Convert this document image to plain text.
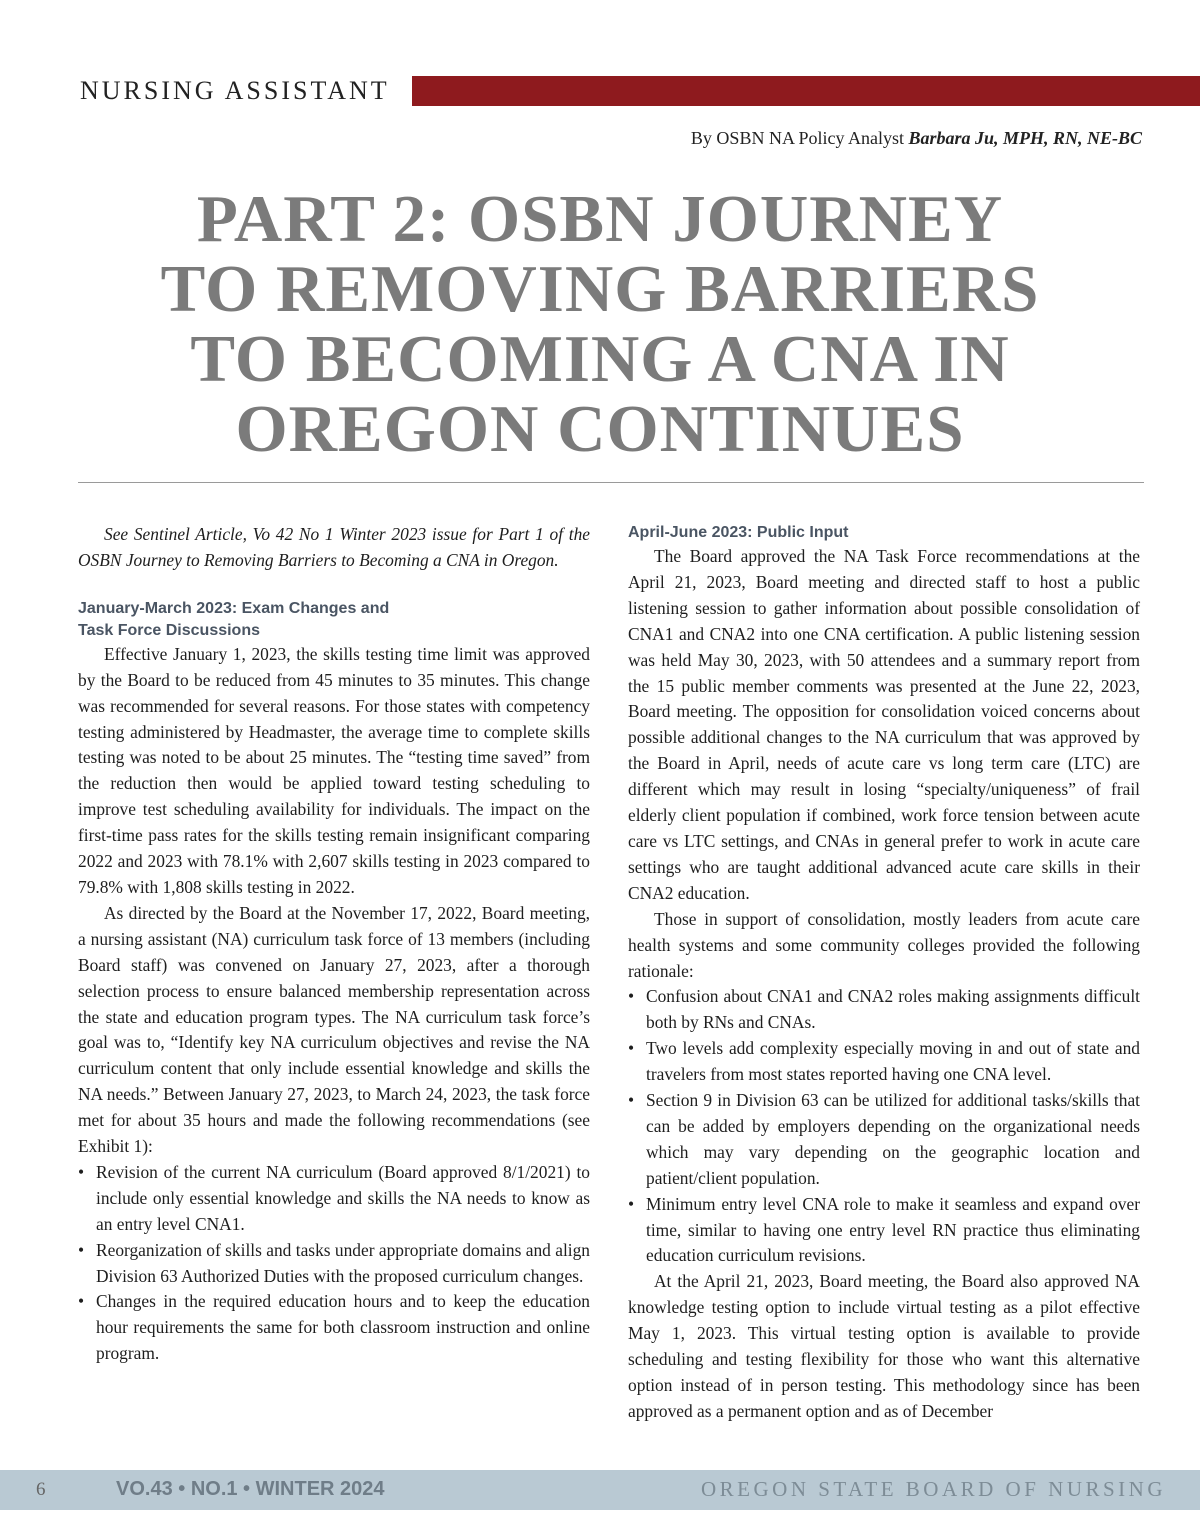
NURSING ASSISTANT
By OSBN NA Policy Analyst Barbara Ju, MPH, RN, NE-BC
PART 2: OSBN JOURNEY
TO REMOVING BARRIERS
TO BECOMING A CNA IN
OREGON CONTINUES

See Sentinel Article, Vo 42 No 1 Winter 2023 issue for Part 1 of the OSBN Journey to Removing Barriers to Becoming a CNA in Oregon.

January-March 2023: Exam Changes and
Task Force Discussions

Effective January 1, 2023, the skills testing time limit was approved by the Board to be reduced from 45 minutes to 35 minutes. This change was recommended for several reasons. For those states with competency testing administered by Headmaster, the average time to complete skills testing was noted to be about 25 minutes. The “testing time saved” from the reduction then would be applied toward testing scheduling to improve test scheduling availability for individuals. The impact on the first-time pass rates for the skills testing remain insignificant comparing 2022 and 2023 with 78.1% with 2,607 skills testing in 2023 compared to 79.8% with 1,808 skills testing in 2022.

As directed by the Board at the November 17, 2022, Board meeting, a nursing assistant (NA) curriculum task force of 13 members (including Board staff) was convened on January 27, 2023, after a thorough selection process to ensure balanced membership representation across the state and education program types. The NA curriculum task force’s goal was to, “Identify key NA curriculum objectives and revise the NA curriculum content that only include essential knowledge and skills the NA needs.” Between January 27, 2023, to March 24, 2023, the task force met for about 35 hours and made the following recommendations (see Exhibit 1):

• Revision of the current NA curriculum (Board approved 8/1/2021) to include only essential knowledge and skills the NA needs to know as an entry level CNA1.
• Reorganization of skills and tasks under appropriate domains and align Division 63 Authorized Duties with the proposed curriculum changes.
• Changes in the required education hours and to keep the education hour requirements the same for both classroom instruction and online program.
April-June 2023: Public Input

The Board approved the NA Task Force recommendations at the April 21, 2023, Board meeting and directed staff to host a public listening session to gather information about possible consolidation of CNA1 and CNA2 into one CNA certification. A public listening session was held May 30, 2023, with 50 attendees and a summary report from the 15 public member comments was presented at the June 22, 2023, Board meeting. The opposition for consolidation voiced concerns about possible additional changes to the NA curriculum that was approved by the Board in April, needs of acute care vs long term care (LTC) are different which may result in losing “specialty/uniqueness” of frail elderly client population if combined, work force tension between acute care vs LTC settings, and CNAs in general prefer to work in acute care settings who are taught additional advanced acute care skills in their CNA2 education.

Those in support of consolidation, mostly leaders from acute care health systems and some community colleges provided the following rationale:

• Confusion about CNA1 and CNA2 roles making assignments difficult both by RNs and CNAs.
• Two levels add complexity especially moving in and out of state and travelers from most states reported having one CNA level.
• Section 9 in Division 63 can be utilized for additional tasks/skills that can be added by employers depending on the organizational needs which may vary depending on the geographic location and patient/client population.
• Minimum entry level CNA role to make it seamless and expand over time, similar to having one entry level RN practice thus eliminating education curriculum revisions.

At the April 21, 2023, Board meeting, the Board also approved NA knowledge testing option to include virtual testing as a pilot effective May 1, 2023. This virtual testing option is available to provide scheduling and testing flexibility for those who want this alternative option instead of in person testing. This methodology since has been approved as a permanent option and as of December

6	VO.43 • NO.1 • WINTER 2024	OREGON STATE BOARD OF NURSING
